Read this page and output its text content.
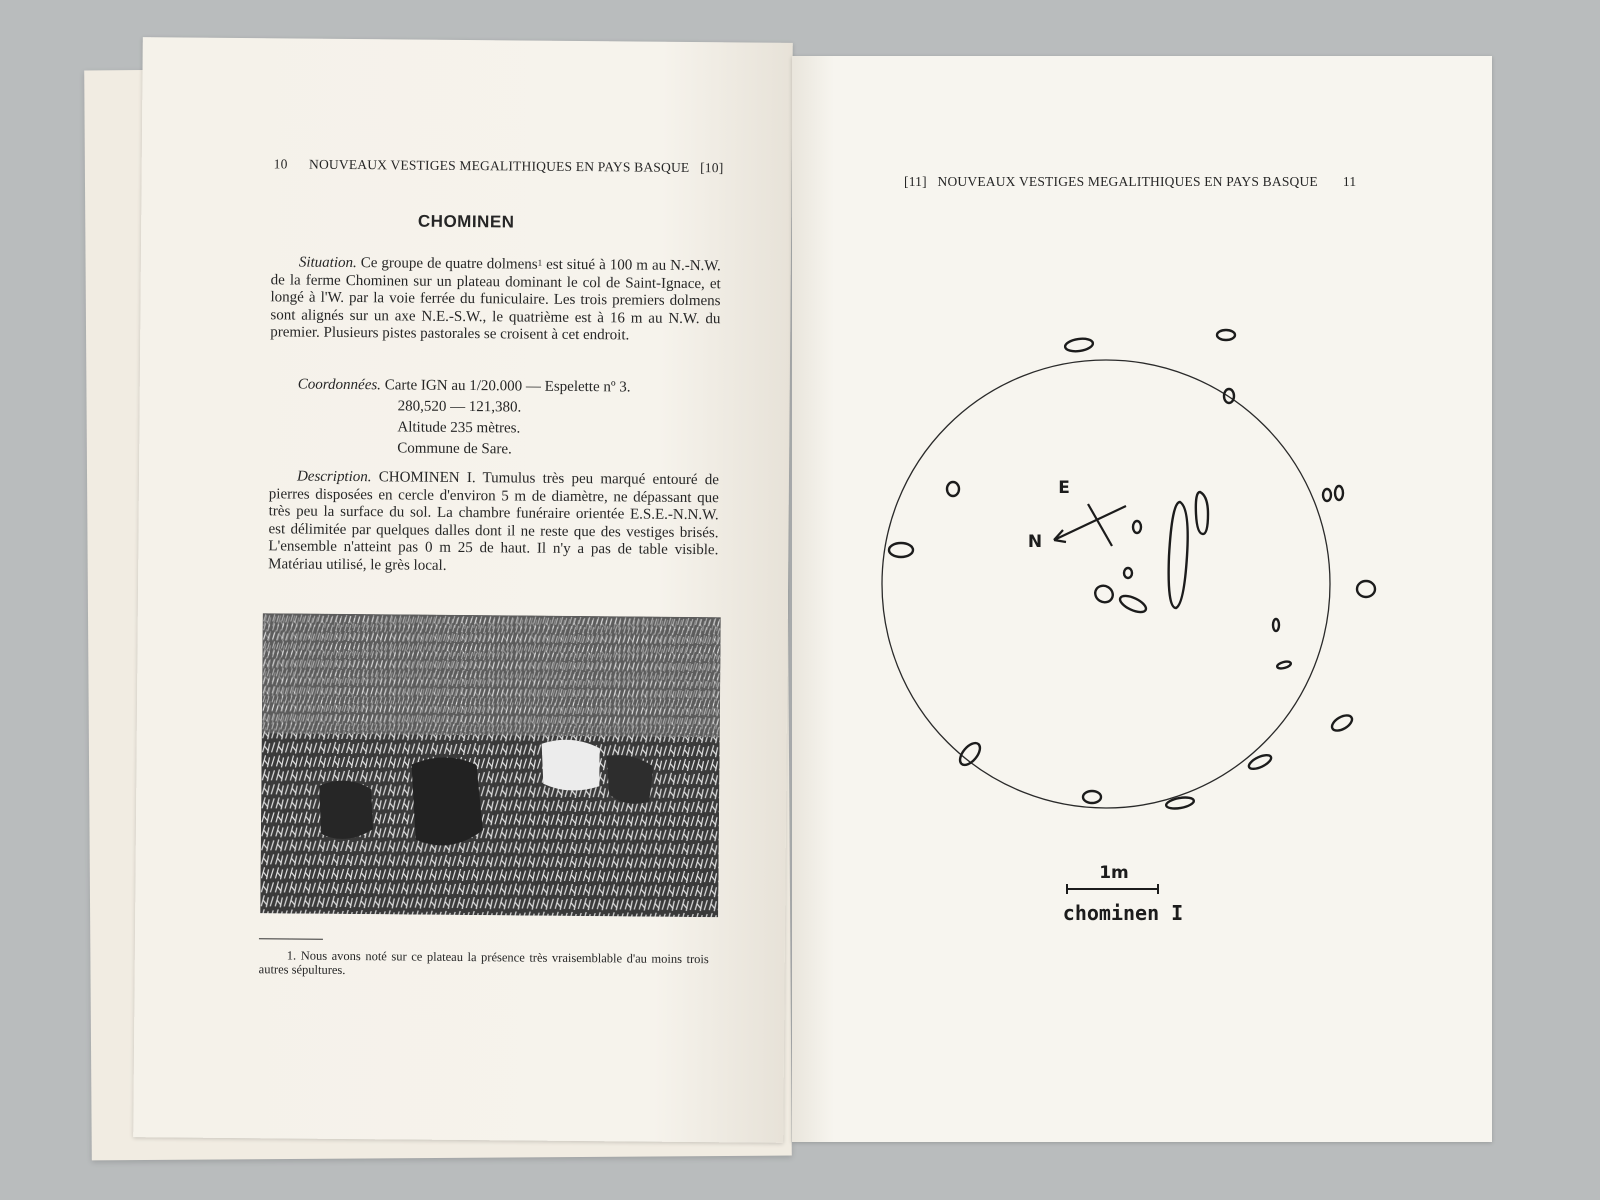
10 NOUVEAUX VESTIGES MEGALITHIQUES EN PAYS BASQUE [10]
CHOMINEN
Situation. Ce groupe de quatre dolmens$^1$ est situé à 100 m au N.-N.W. de la ferme Chominen sur un plateau dominant le col de Saint-Ignace, et longé à l'W. par la voie ferrée du funiculaire. Les trois premiers dolmens sont alignés sur un axe N.E.-S.W., le quatrième est à 16 m au N.W. du premier. Plusieurs pistes pastorales se croisent à cet endroit.
Coordonnées. Carte IGN au 1/20.000 — Espelette nº 3.
280,520 — 121,380.
Altitude 235 mètres.
Commune de Sare.
Description. CHOMINEN I. Tumulus très peu marqué entouré de pierres disposées en cercle d'environ 5 m de diamètre, ne dépassant que très peu la surface du sol. La chambre funéraire orientée E.S.E.-N.N.W. est délimitée par quelques dalles dont il ne reste que des vestiges brisés. L'ensemble n'atteint pas 0 m 25 de haut. Il n'y a pas de table visible. Matériau utilisé, le grès local.
1. Nous avons noté sur ce plateau la présence très vraisemblable d'au moins trois autres sépultures.
[11] NOUVEAUX VESTIGES MEGALITHIQUES EN PAYS BASQUE 11
E
N
1m
chominen I
